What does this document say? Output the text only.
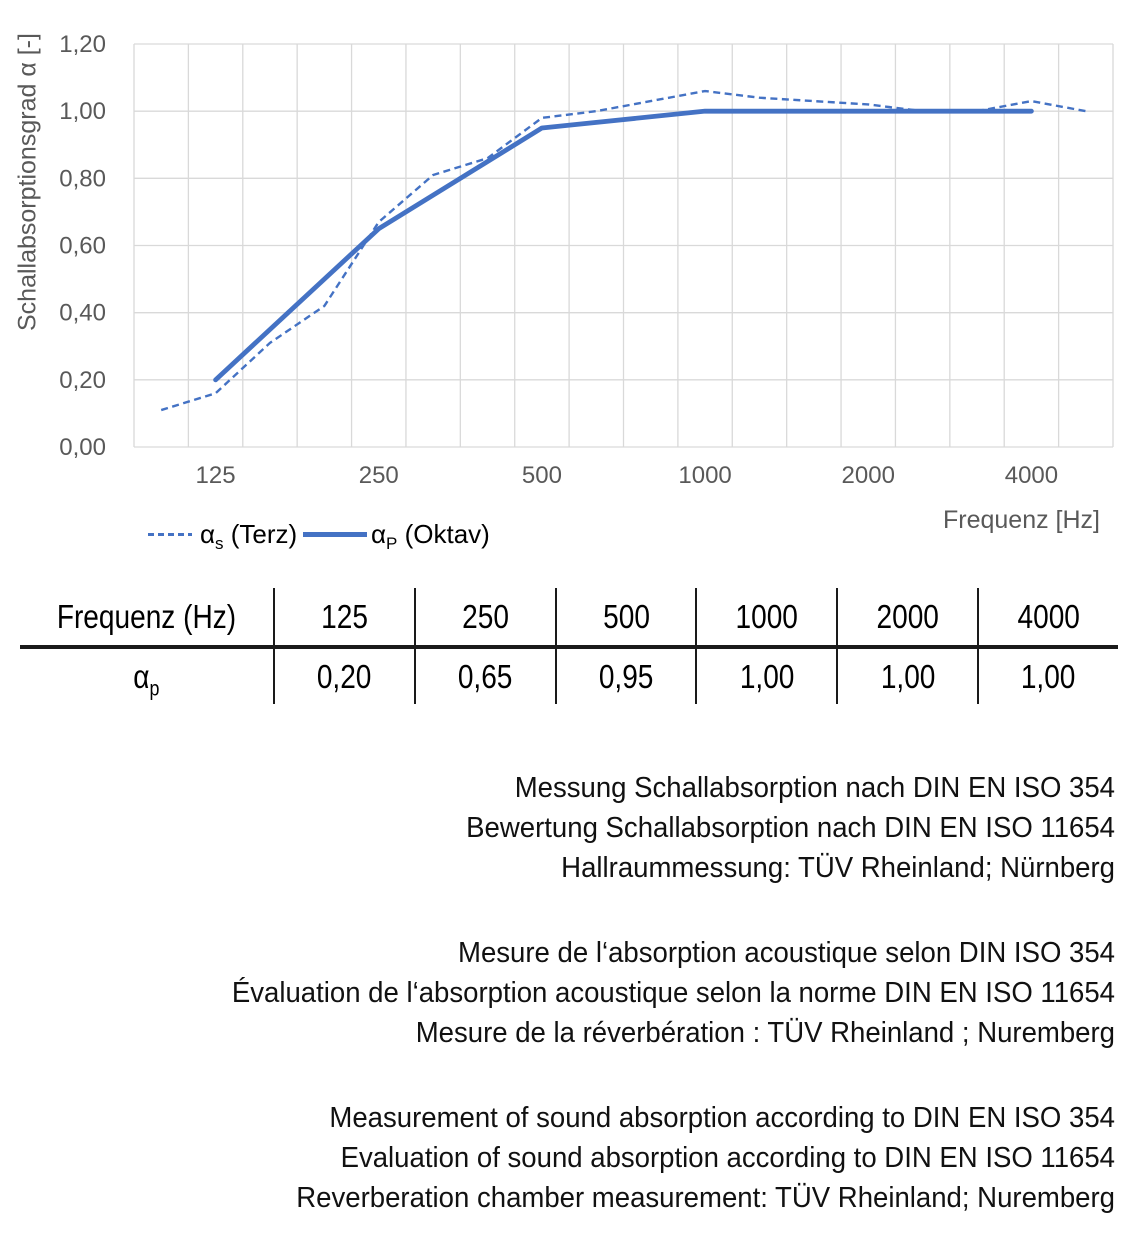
Schallabsorptionsgrad α [-] 1,20
1,00
0,80
0,60
0,40
0,20
0,00
125	250	500	1000	2000	4000
Frequenz [Hz]
$\alpha_s$ (Terz)	$\alpha_P$ (Oktav)
Frequenz (Hz)	125	250	500	1000 2000 4000
$\alpha_p$	0,20	0,65	0,95	1,00	1,00	1,00
Messung Schallabsorption nach DIN EN ISO 354
Bewertung Schallabsorption nach DIN EN ISO 11654
Hallraummessung: TÜV Rheinland; Nürnberg
Mesure de l‘absorption acoustique selon DIN ISO 354
Évaluation de l‘absorption acoustique selon la norme DIN EN ISO 11654
Mesure de la réverbération : TÜV Rheinland ; Nuremberg
Measurement of sound absorption according to DIN EN ISO 354
Evaluation of sound absorption according to DIN EN ISO 11654
Reverberation chamber measurement: TÜV Rheinland; Nuremberg
